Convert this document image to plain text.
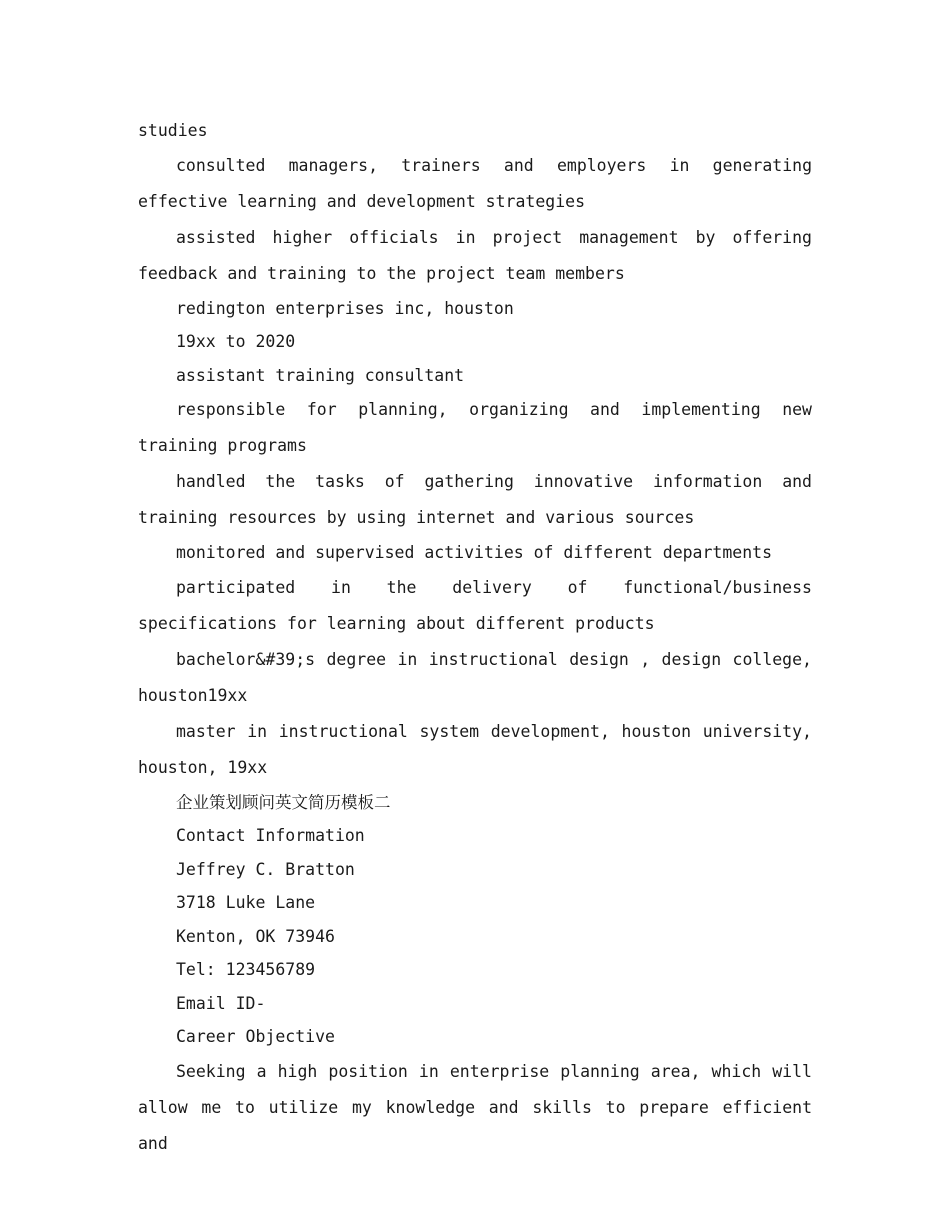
studies

consulted managers, trainers and employers in generating effective learning and development strategies

assisted higher officials in project management by offering feedback and training to the project team members

redington enterprises inc, houston

19xx to 2020

assistant training consultant

responsible for planning, organizing and implementing new training programs

handled the tasks of gathering innovative information and training resources by using internet and various sources

monitored and supervised activities of different departments

participated in the delivery of functional/business specifications for learning about different products

bachelor&#39;s degree in instructional design , design college, houston19xx

master in instructional system development, houston university, houston, 19xx

企业策划顾问英文简历模板二

Contact Information

Jeffrey C. Bratton

3718 Luke Lane

Kenton, OK 73946

Tel: 123456789

Email ID-

Career Objective

Seeking a high position in enterprise planning area, which will allow me to utilize my knowledge and skills to prepare efficient and
